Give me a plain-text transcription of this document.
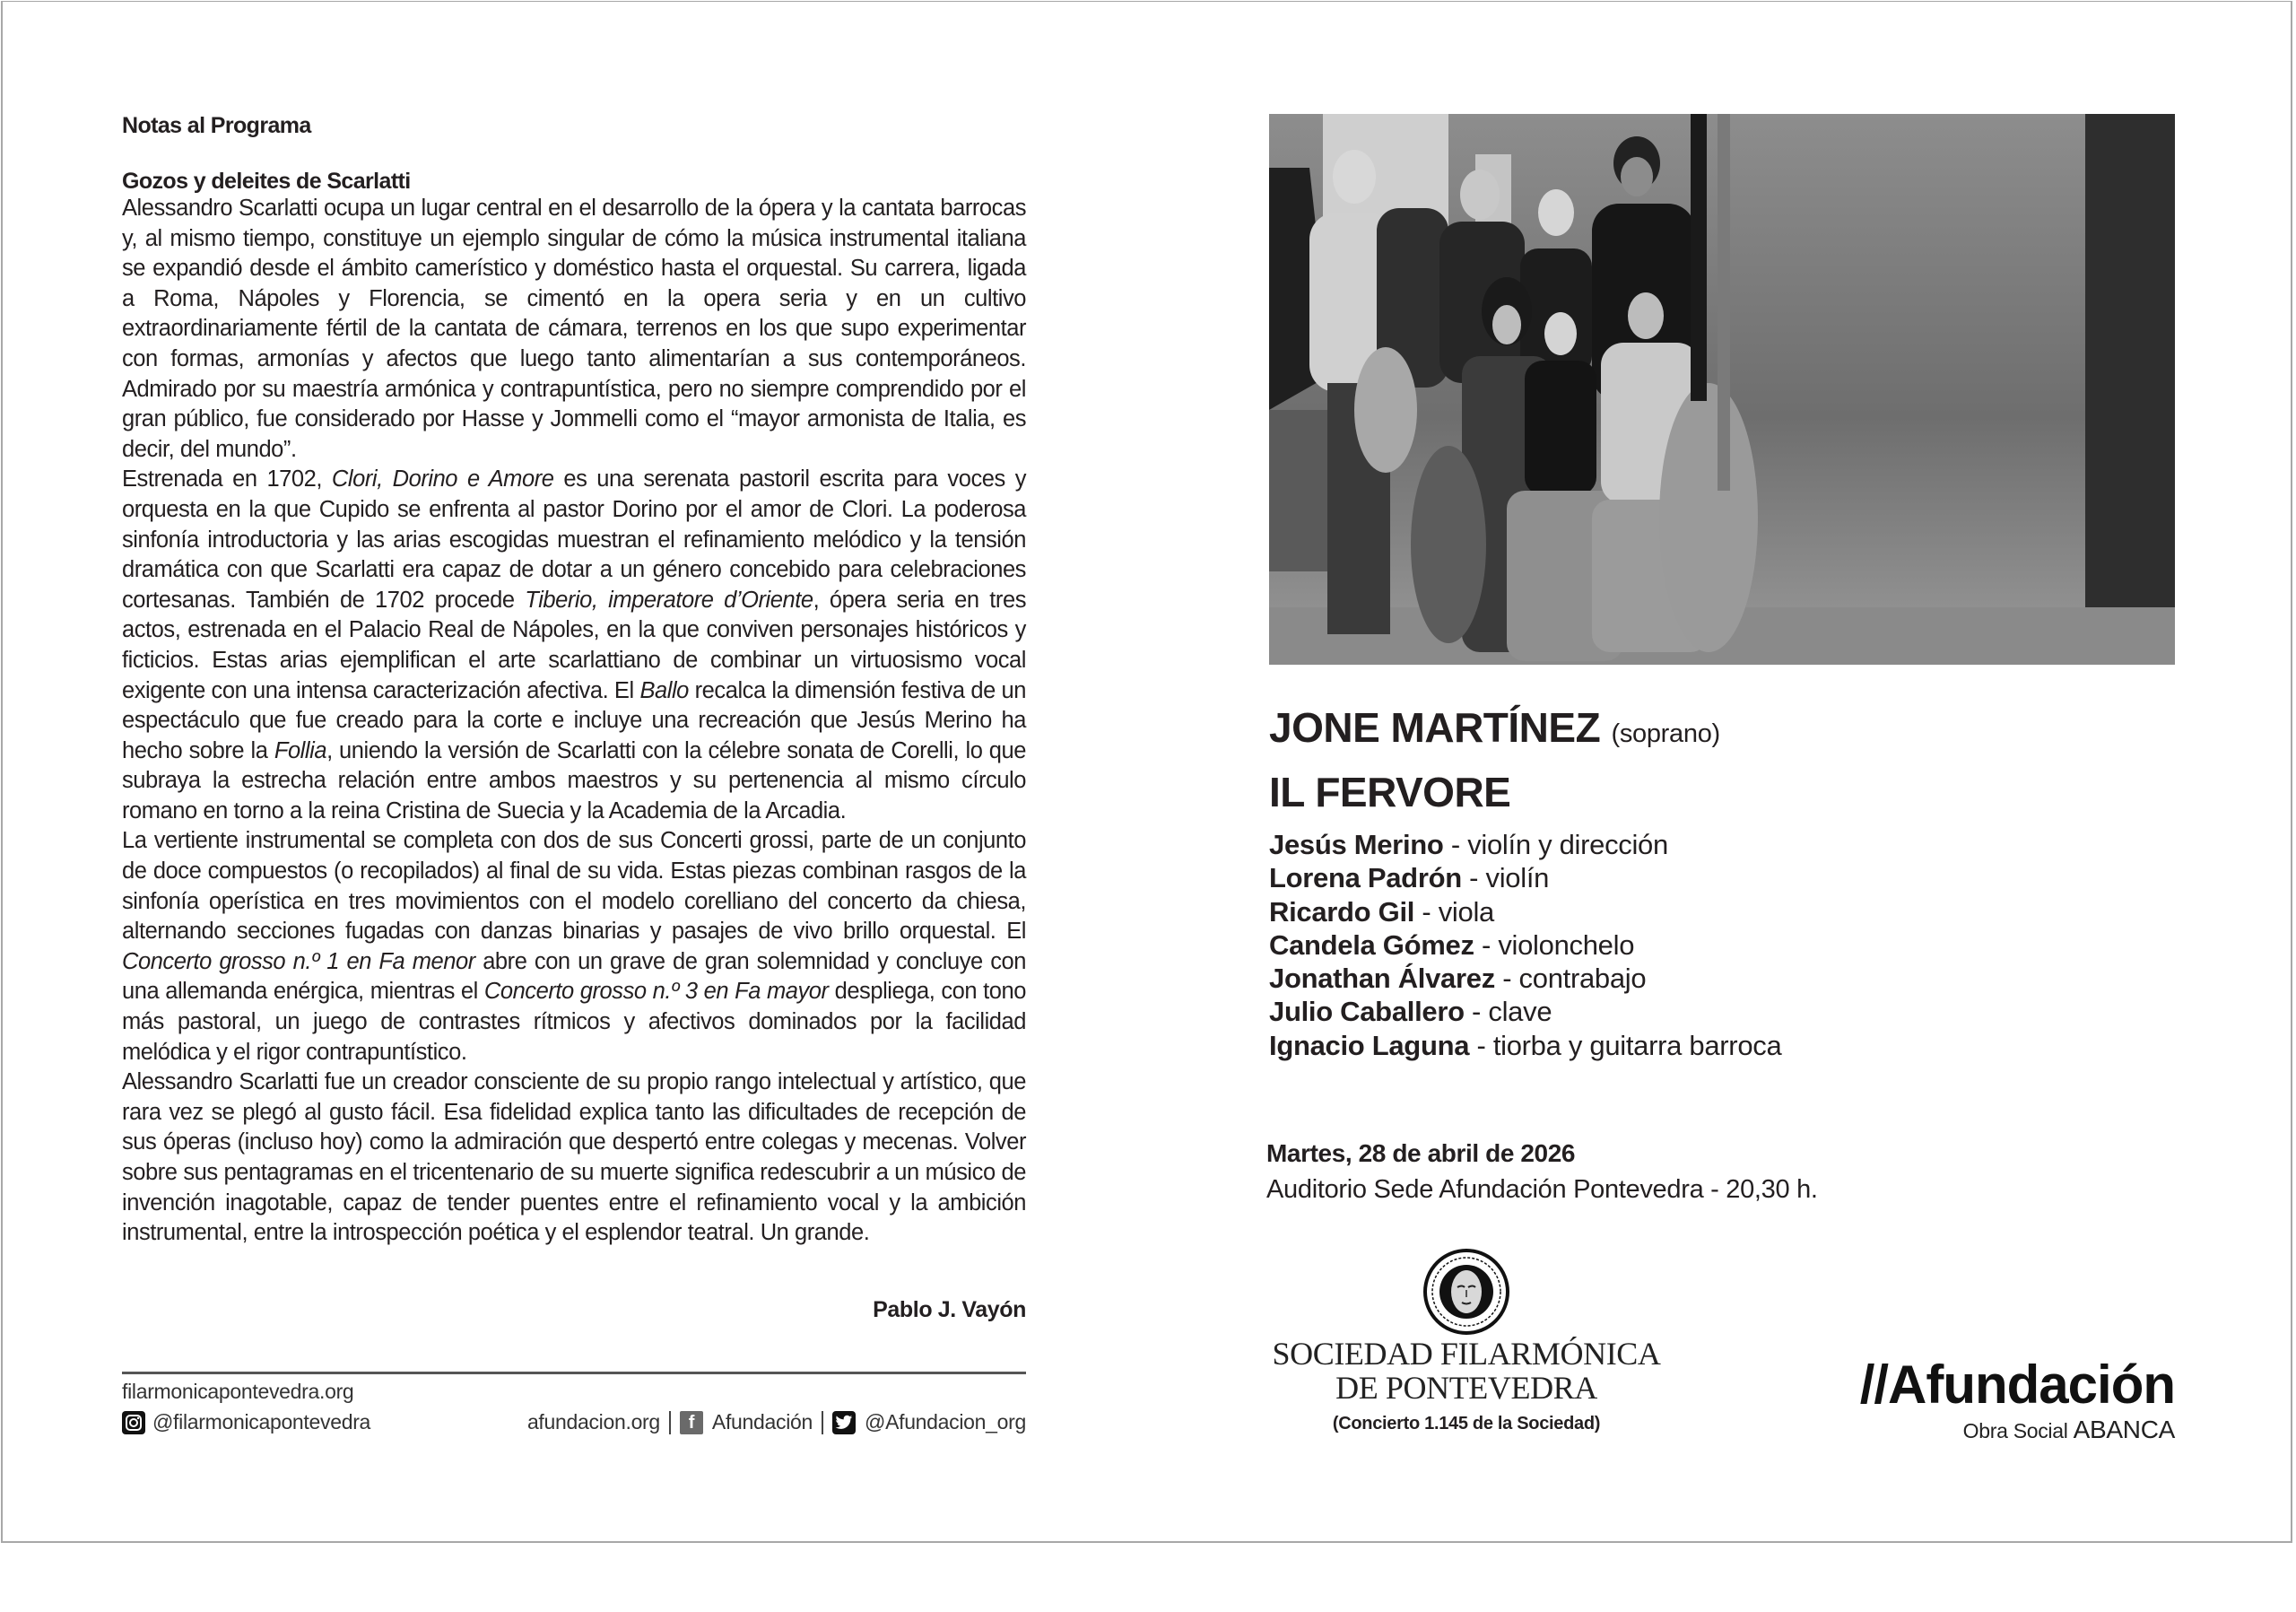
Notas al Programa
Gozos y deleites de Scarlatti

Alessandro Scarlatti ocupa un lugar central en el desarrollo de la ópera y la cantata barrocas y, al mismo tiempo, constituye un ejemplo singular de cómo la música instrumental italiana se expandió desde el ámbito camerístico y doméstico hasta el orquestal. Su carrera, ligada a Roma, Nápoles y Florencia, se cimentó en la opera seria y en un cultivo extraordinariamente fértil de la cantata de cámara, terrenos en los que supo experimentar con formas, armonías y afectos que luego tanto alimentarían a sus contemporáneos. Admirado por su maestría armónica y contrapuntística, pero no siempre comprendido por el gran público, fue considerado por Hasse y Jommelli como el “mayor armonista de Italia, es decir, del mundo”.

Estrenada en 1702, Clori, Dorino e Amore es una serenata pastoril escrita para voces y orquesta en la que Cupido se enfrenta al pastor Dorino por el amor de Clori. La poderosa sinfonía introductoria y las arias escogidas muestran el refinamiento melódico y la tensión dramática con que Scarlatti era capaz de dotar a un género concebido para celebraciones cortesanas. También de 1702 procede Tiberio, imperatore d’Oriente, ópera seria en tres actos, estrenada en el Palacio Real de Nápoles, en la que conviven personajes históricos y ficticios. Estas arias ejemplifican el arte scarlattiano de combinar un virtuosismo vocal exigente con una intensa caracterización afectiva. El Ballo recalca la dimensión festiva de un espectáculo que fue creado para la corte e incluye una recreación que Jesús Merino ha hecho sobre la Follia, uniendo la versión de Scarlatti con la célebre sonata de Corelli, lo que subraya la estrecha relación entre ambos maestros y su pertenencia al mismo círculo romano en torno a la reina Cristina de Suecia y la Academia de la Arcadia.

La vertiente instrumental se completa con dos de sus Concerti grossi, parte de un conjunto de doce compuestos (o recopilados) al final de su vida. Estas piezas combinan rasgos de la sinfonía operística en tres movimientos con el modelo corelliano del concerto da chiesa, alternando secciones fugadas con danzas binarias y pasajes de vivo brillo orquestal. El Concerto grosso n.º 1 en Fa menor abre con un grave de gran solemnidad y concluye con una allemanda enérgica, mientras el Concerto grosso n.º 3 en Fa mayor despliega, con tono más pastoral, un juego de contrastes rítmicos y afectivos dominados por la facilidad melódica y el rigor contrapuntístico.

Alessandro Scarlatti fue un creador consciente de su propio rango intelectual y artístico, que rara vez se plegó al gusto fácil. Esa fidelidad explica tanto las dificultades de recepción de sus óperas (incluso hoy) como la admiración que despertó entre colegas y mecenas. Volver sobre sus pentagramas en el tricentenario de su muerte significa redescubrir a un músico de invención inagotable, capaz de tender puentes entre el refinamiento vocal y la ambición instrumental, entre la introspección poética y el esplendor teatral. Un grande.

Pablo J. Vayón
filarmonicapontevedra.org
@filarmonicapontevedra	afundacion.org	f Afundación	@Afundacion_org
JONE MARTÍNEZ (soprano)
IL FERVORE
Jesús Merino - violín y dirección
Lorena Padrón - violín
Ricardo Gil - viola
Candela Gómez - violonchelo
Jonathan Álvarez - contrabajo
Julio Caballero - clave
Ignacio Laguna - tiorba y guitarra barroca
Martes, 28 de abril de 2026
Auditorio Sede Afundación Pontevedra - 20,30 h.
SOCIEDAD FILARMÓNICA
DE PONTEVEDRA
(Concierto 1.145 de la Sociedad)
//Afundación
Obra Social ABANCA
